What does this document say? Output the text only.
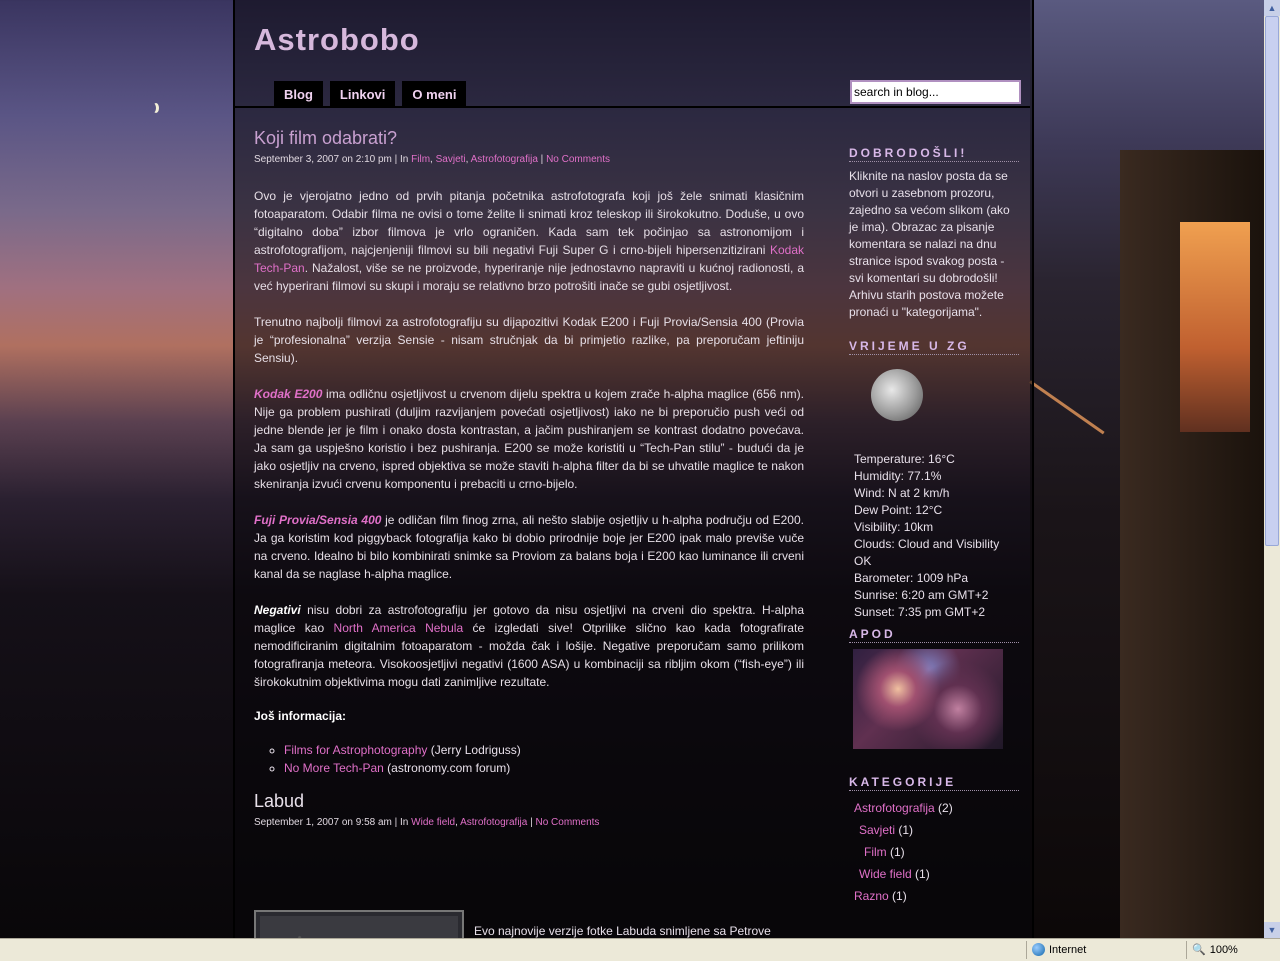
Astrobobo
Blog	Linkovi	O meni
search in blog...
Koji film odabrati?
September 3, 2007 on 2:10 pm | In Film, Savjeti, Astrofotografija | No Comments

Ovo je vjerojatno jedno od prvih pitanja početnika astrofotografa koji još žele snimati klasičnim fotoaparatom. Odabir filma ne ovisi o tome želite li snimati kroz teleskop ili širokokutno. Doduše, u ovo “digitalno doba” izbor filmova je vrlo ograničen. Kada sam tek počinjao sa astronomijom i astrofotografijom, najcjenjeniji filmovi su bili negativi Fuji Super G i crno-bijeli hipersenzitizirani Kodak Tech-Pan. Nažalost, više se ne proizvode, hyperiranje nije jednostavno napraviti u kućnoj radionosti, a već hyperirani filmovi su skupi i moraju se relativno brzo potrošiti inače se gubi osjetljivost.

Trenutno najbolji filmovi za astrofotografiju su dijapozitivi Kodak E200 i Fuji Provia/Sensia 400 (Provia je “profesionalna” verzija Sensie - nisam stručnjak da bi primjetio razlike, pa preporučam jeftiniju Sensiu).

Kodak E200 ima odličnu osjetljivost u crvenom dijelu spektra u kojem zrače h-alpha maglice (656 nm). Nije ga problem pushirati (duljim razvijanjem povećati osjetljivost) iako ne bi preporučio push veći od jedne blende jer je film i onako dosta kontrastan, a jačim pushiranjem se kontrast dodatno povećava. Ja sam ga uspješno koristio i bez pushiranja. E200 se može koristiti u “Tech-Pan stilu” - budući da je jako osjetljiv na crveno, ispred objektiva se može staviti h-alpha filter da bi se uhvatile maglice te nakon skeniranja izvući crvenu komponentu i prebaciti u crno-bijelo.

Fuji Provia/Sensia 400 je odličan film finog zrna, ali nešto slabije osjetljiv u h-alpha području od E200. Ja ga koristim kod piggyback fotografija kako bi dobio prirodnije boje jer E200 ipak malo previše vuče na crveno. Idealno bi bilo kombinirati snimke sa Proviom za balans boja i E200 kao luminance ili crveni kanal da se naglase h-alpha maglice.

Negativi nisu dobri za astrofotografiju jer gotovo da nisu osjetljivi na crveni dio spektra. H-alpha maglice kao North America Nebula će izgledati sive! Otprilike slično kao kada fotografirate nemodificiranim digitalnim fotoaparatom - možda čak i lošije. Negative preporučam samo prilikom fotografiranja meteora. Visokoosjetljivi negativi (1600 ASA) u kombinaciji sa ribljim okom (“fish-eye”) ili širokokutnim objektivima mogu dati zanimljive rezultate.

Još informacija:
◦ Films for Astrophotography (Jerry Lodriguss)
◦ No More Tech-Pan (astronomy.com forum)
Labud
September 1, 2007 on 9:58 am | In Wide field, Astrofotografija | No Comments
Evo najnovije verzije fotke Labuda snimljene sa Petrove
DOBRODOŠLI!
Kliknite na naslov posta da se otvori u zasebnom prozoru, zajedno sa većom slikom (ako je ima). Obrazac za pisanje komentara se nalazi na dnu stranice ispod svakog posta - svi komentari su dobrodošli! Arhivu starih postova možete pronaći u "kategorijama".
VRIJEME U ZG
Temperature: 16°C
Humidity: 77.1%
Wind: N at 2 km/h
Dew Point: 12°C
Visibility: 10km
Clouds: Cloud and Visibility OK
Barometer: 1009 hPa
Sunrise: 6:20 am GMT+2
Sunset: 7:35 pm GMT+2
APOD
KATEGORIJE
Astrofotografija (2)
Savjeti (1)
Film (1)
Wide field (1)
Razno (1)
▲
▼
Internet	🔍 100%
